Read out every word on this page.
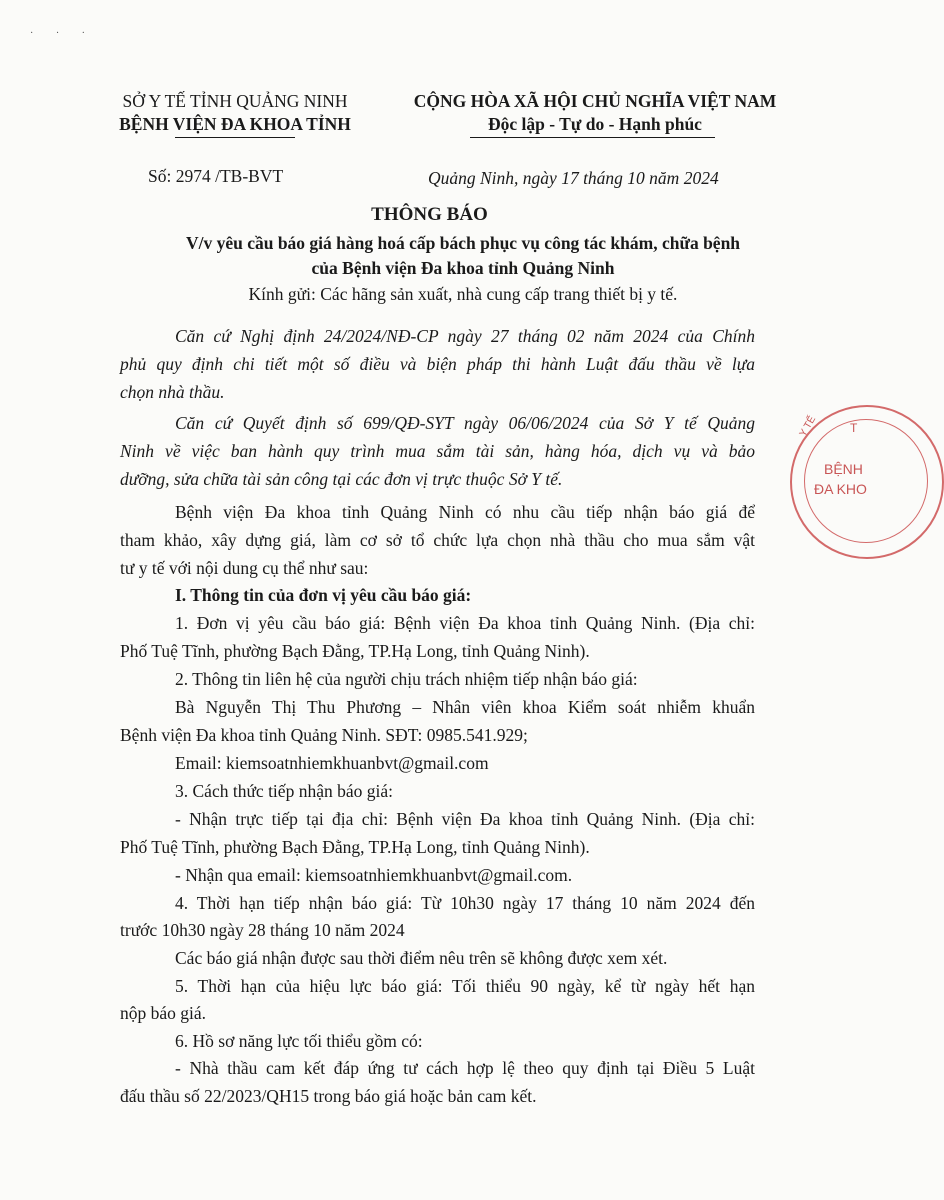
· · ·
SỞ Y TẾ TỈNH QUẢNG NINH
BỆNH VIỆN ĐA KHOA TỈNH
CỘNG HÒA XÃ HỘI CHỦ NGHĨA VIỆT NAM
Độc lập - Tự do - Hạnh phúc
Số: 2974 /TB-BVT	Quảng Ninh, ngày 17 tháng 10 năm 2024
THÔNG BÁO
V/v yêu cầu báo giá hàng hoá cấp bách phục vụ công tác khám, chữa bệnh
của Bệnh viện Đa khoa tỉnh Quảng Ninh
Kính gửi: Các hãng sản xuất, nhà cung cấp trang thiết bị y tế.
Căn cứ Nghị định 24/2024/NĐ-CP ngày 27 tháng 02 năm 2024 của Chính
phủ quy định chi tiết một số điều và biện pháp thi hành Luật đấu thầu về lựa
chọn nhà thầu.
Căn cứ Quyết định số 699/QĐ-SYT ngày 06/06/2024 của Sở Y tế Quảng
Ninh về việc ban hành quy trình mua sắm tài sản, hàng hóa, dịch vụ và bảo
dưỡng, sửa chữa tài sản công tại các đơn vị trực thuộc Sở Y tế.
Bệnh viện Đa khoa tỉnh Quảng Ninh có nhu cầu tiếp nhận báo giá để
tham khảo, xây dựng giá, làm cơ sở tổ chức lựa chọn nhà thầu cho mua sắm vật
tư y tế với nội dung cụ thể như sau:
I. Thông tin của đơn vị yêu cầu báo giá:
1. Đơn vị yêu cầu báo giá: Bệnh viện Đa khoa tỉnh Quảng Ninh. (Địa chỉ:
Phố Tuệ Tĩnh, phường Bạch Đằng, TP.Hạ Long, tỉnh Quảng Ninh).
2. Thông tin liên hệ của người chịu trách nhiệm tiếp nhận báo giá:
Bà Nguyễn Thị Thu Phương – Nhân viên khoa Kiểm soát nhiễm khuẩn
Bệnh viện Đa khoa tỉnh Quảng Ninh. SĐT: 0985.541.929;
Email: kiemsoatnhiemkhuanbvt@gmail.com
3. Cách thức tiếp nhận báo giá:
- Nhận trực tiếp tại địa chỉ: Bệnh viện Đa khoa tỉnh Quảng Ninh. (Địa chỉ:
Phố Tuệ Tĩnh, phường Bạch Đằng, TP.Hạ Long, tỉnh Quảng Ninh).
- Nhận qua email: kiemsoatnhiemkhuanbvt@gmail.com.
4. Thời hạn tiếp nhận báo giá: Từ 10h30 ngày 17 tháng 10 năm 2024 đến
trước 10h30 ngày 28 tháng 10 năm 2024
Các báo giá nhận được sau thời điểm nêu trên sẽ không được xem xét.
5. Thời hạn của hiệu lực báo giá: Tối thiểu 90 ngày, kể từ ngày hết hạn
nộp báo giá.
6. Hồ sơ năng lực tối thiểu gồm có:
- Nhà thầu cam kết đáp ứng tư cách hợp lệ theo quy định tại Điều 5 Luật
đấu thầu số 22/2023/QH15 trong báo giá hoặc bản cam kết.
T
Y TẾ
BỆNH
ĐA KHO
